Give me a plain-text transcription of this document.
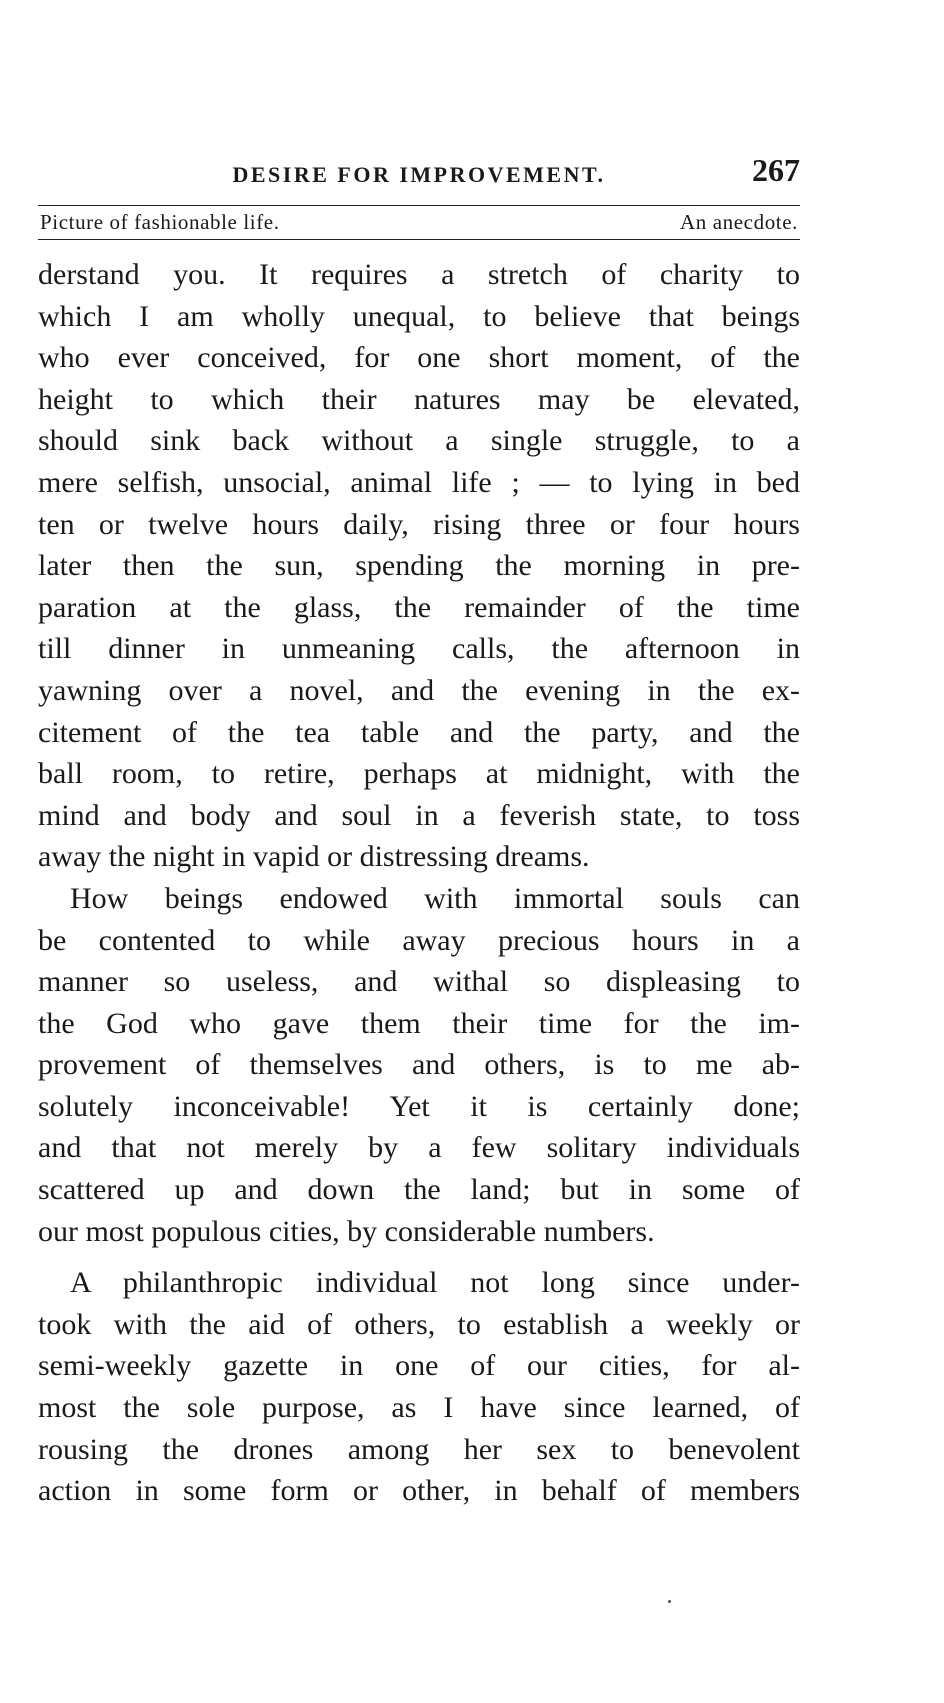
DESIRE FOR IMPROVEMENT.	267
Picture of fashionable life.	An anecdote.
derstand you. It requires a stretch of charity to
which I am wholly unequal, to believe that beings
who ever conceived, for one short moment, of the
height to which their natures may be elevated,
should sink back without a single struggle, to a
mere selfish, unsocial, animal life ; — to lying in bed
ten or twelve hours daily, rising three or four hours
later then the sun, spending the morning in pre-
paration at the glass, the remainder of the time
till dinner in unmeaning calls, the afternoon in
yawning over a novel, and the evening in the ex-
citement of the tea table and the party, and the
ball room, to retire, perhaps at midnight, with the
mind and body and soul in a feverish state, to toss
away the night in vapid or distressing dreams.
How beings endowed with immortal souls can
be contented to while away precious hours in a
manner so useless, and withal so displeasing to
the God who gave them their time for the im-
provement of themselves and others, is to me ab-
solutely inconceivable! Yet it is certainly done;
and that not merely by a few solitary individuals
scattered up and down the land; but in some of
our most populous cities, by considerable numbers.
A philanthropic individual not long since under-
took with the aid of others, to establish a weekly or
semi-weekly gazette in one of our cities, for al-
most the sole purpose, as I have since learned, of
rousing the drones among her sex to benevolent
action in some form or other, in behalf of members
